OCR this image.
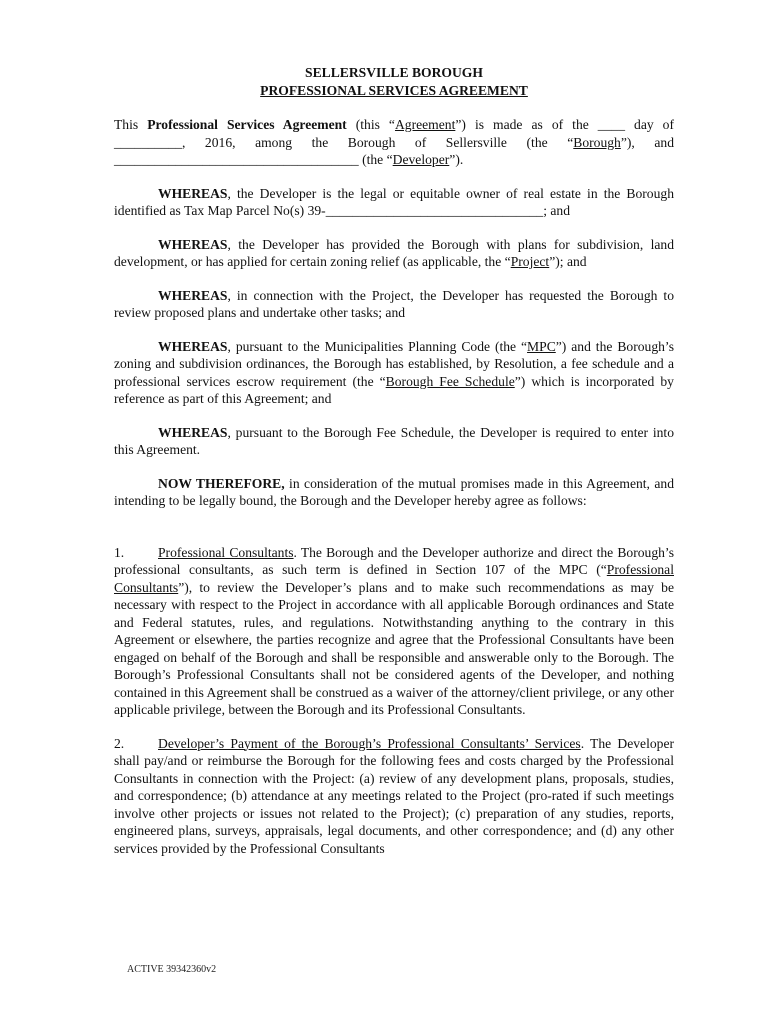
SELLERSVILLE BOROUGH
PROFESSIONAL SERVICES AGREEMENT

This Professional Services Agreement (this “Agreement”) is made as of the ____ day of __________, 2016, among the Borough of Sellersville (the “Borough”), and ____________________________________ (the “Developer”).

WHEREAS, the Developer is the legal or equitable owner of real estate in the Borough identified as Tax Map Parcel No(s) 39-________________________________; and

WHEREAS, the Developer has provided the Borough with plans for subdivision, land development, or has applied for certain zoning relief (as applicable, the “Project”); and

WHEREAS, in connection with the Project, the Developer has requested the Borough to review proposed plans and undertake other tasks; and

WHEREAS, pursuant to the Municipalities Planning Code (the “MPC”) and the Borough’s zoning and subdivision ordinances, the Borough has established, by Resolution, a fee schedule and a professional services escrow requirement (the “Borough Fee Schedule”) which is incorporated by reference as part of this Agreement; and

WHEREAS, pursuant to the Borough Fee Schedule, the Developer is required to enter into this Agreement.

NOW THEREFORE, in consideration of the mutual promises made in this Agreement, and intending to be legally bound, the Borough and the Developer hereby agree as follows:

1. Professional Consultants. The Borough and the Developer authorize and direct the Borough’s professional consultants, as such term is defined in Section 107 of the MPC (“Professional Consultants”), to review the Developer’s plans and to make such recommendations as may be necessary with respect to the Project in accordance with all applicable Borough ordinances and State and Federal statutes, rules, and regulations. Notwithstanding anything to the contrary in this Agreement or elsewhere, the parties recognize and agree that the Professional Consultants have been engaged on behalf of the Borough and shall be responsible and answerable only to the Borough. The Borough’s Professional Consultants shall not be considered agents of the Developer, and nothing contained in this Agreement shall be construed as a waiver of the attorney/client privilege, or any other applicable privilege, between the Borough and its Professional Consultants.

2. Developer’s Payment of the Borough’s Professional Consultants’ Services. The Developer shall pay/and or reimburse the Borough for the following fees and costs charged by the Professional Consultants in connection with the Project: (a) review of any development plans, proposals, studies, and correspondence; (b) attendance at any meetings related to the Project (pro-rated if such meetings involve other projects or issues not related to the Project); (c) preparation of any studies, reports, engineered plans, surveys, appraisals, legal documents, and other correspondence; and (d) any other services provided by the Professional Consultants

ACTIVE 39342360v2
